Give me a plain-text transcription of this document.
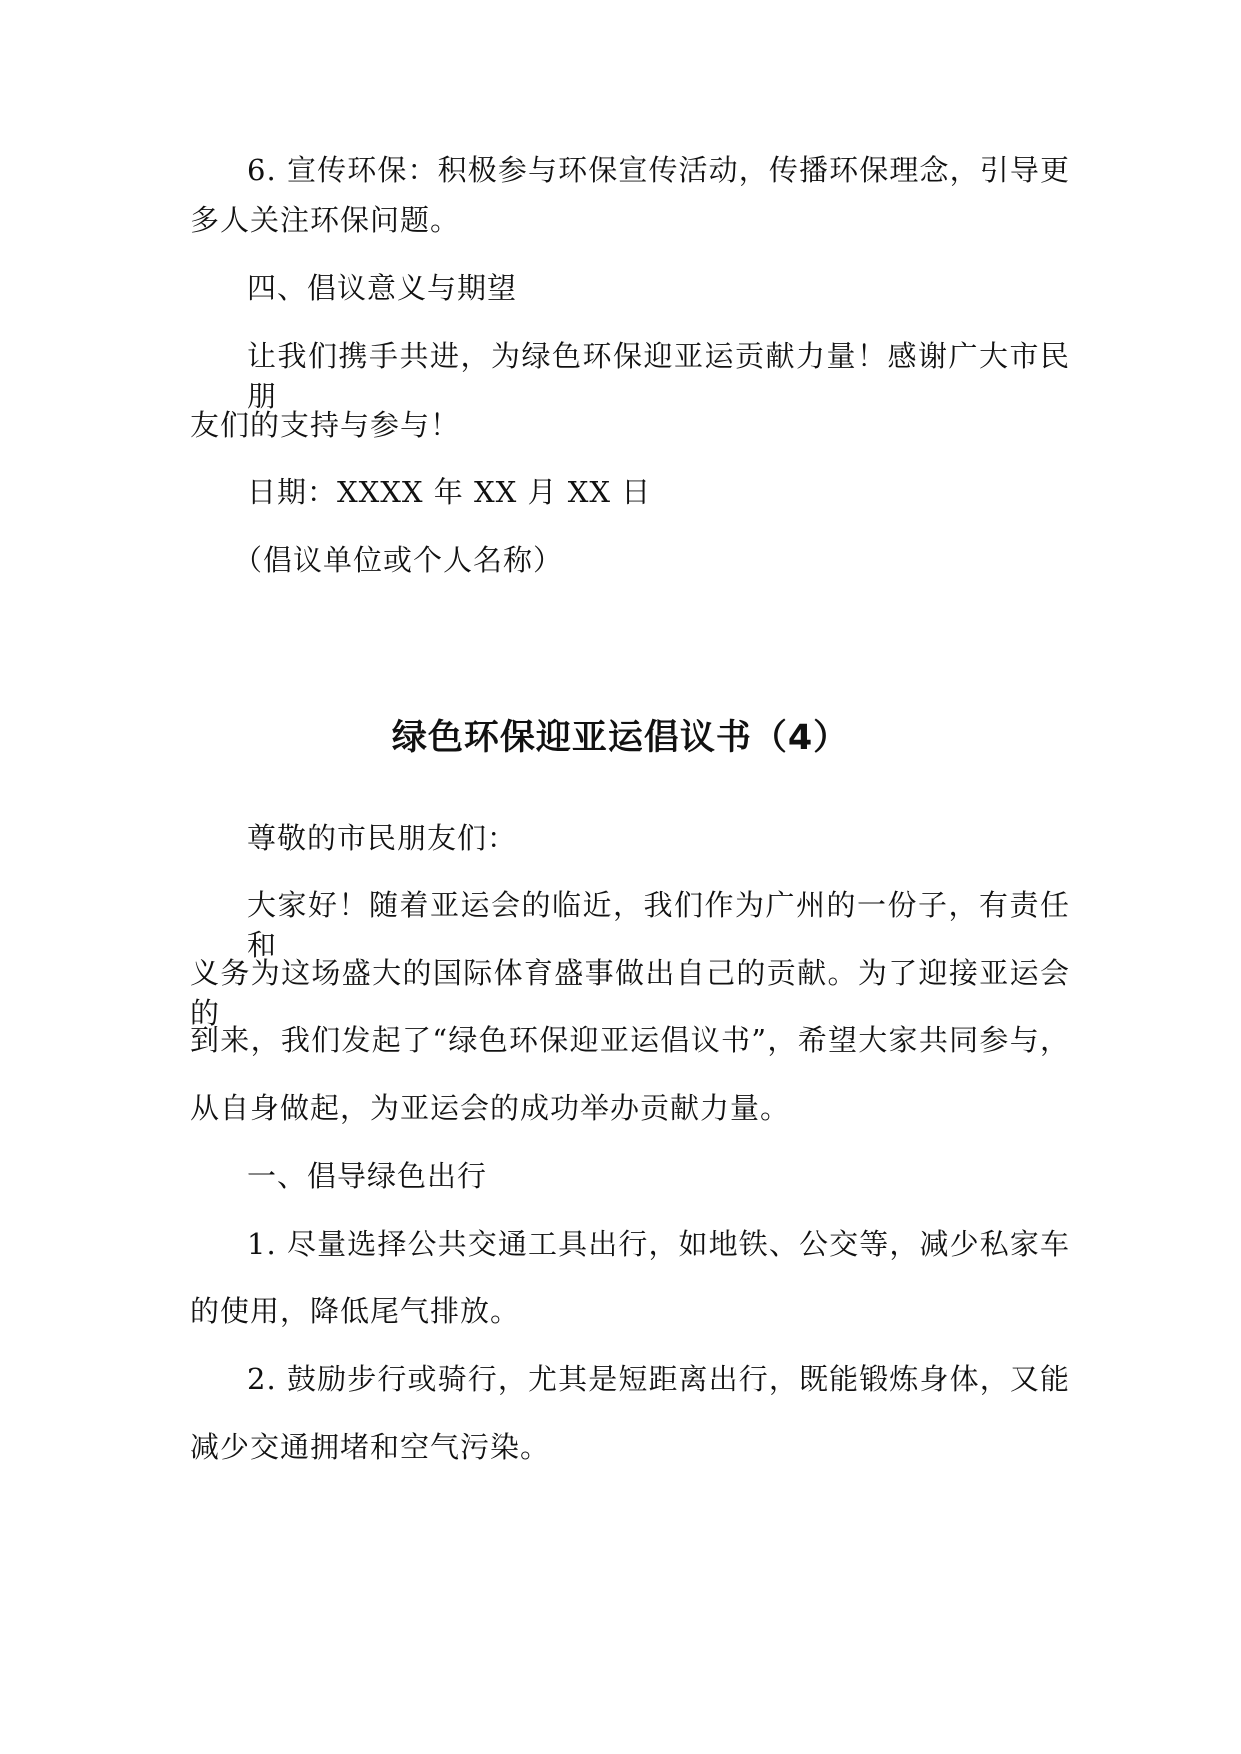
6. 宣传环保：积极参与环保宣传活动，传播环保理念，引导更
多人关注环保问题。
四、倡议意义与期望
让我们携手共进，为绿色环保迎亚运贡献力量！感谢广大市民朋
友们的支持与参与！
日期：XXXX 年 XX 月 XX 日
（倡议单位或个人名称）
绿色环保迎亚运倡议书（4）
尊敬的市民朋友们：
大家好！随着亚运会的临近，我们作为广州的一份子，有责任和
义务为这场盛大的国际体育盛事做出自己的贡献。为了迎接亚运会的
到来，我们发起了“绿色环保迎亚运倡议书”，希望大家共同参与，
从自身做起，为亚运会的成功举办贡献力量。
一、倡导绿色出行
1. 尽量选择公共交通工具出行，如地铁、公交等，减少私家车
的使用，降低尾气排放。
2. 鼓励步行或骑行，尤其是短距离出行，既能锻炼身体，又能
减少交通拥堵和空气污染。
